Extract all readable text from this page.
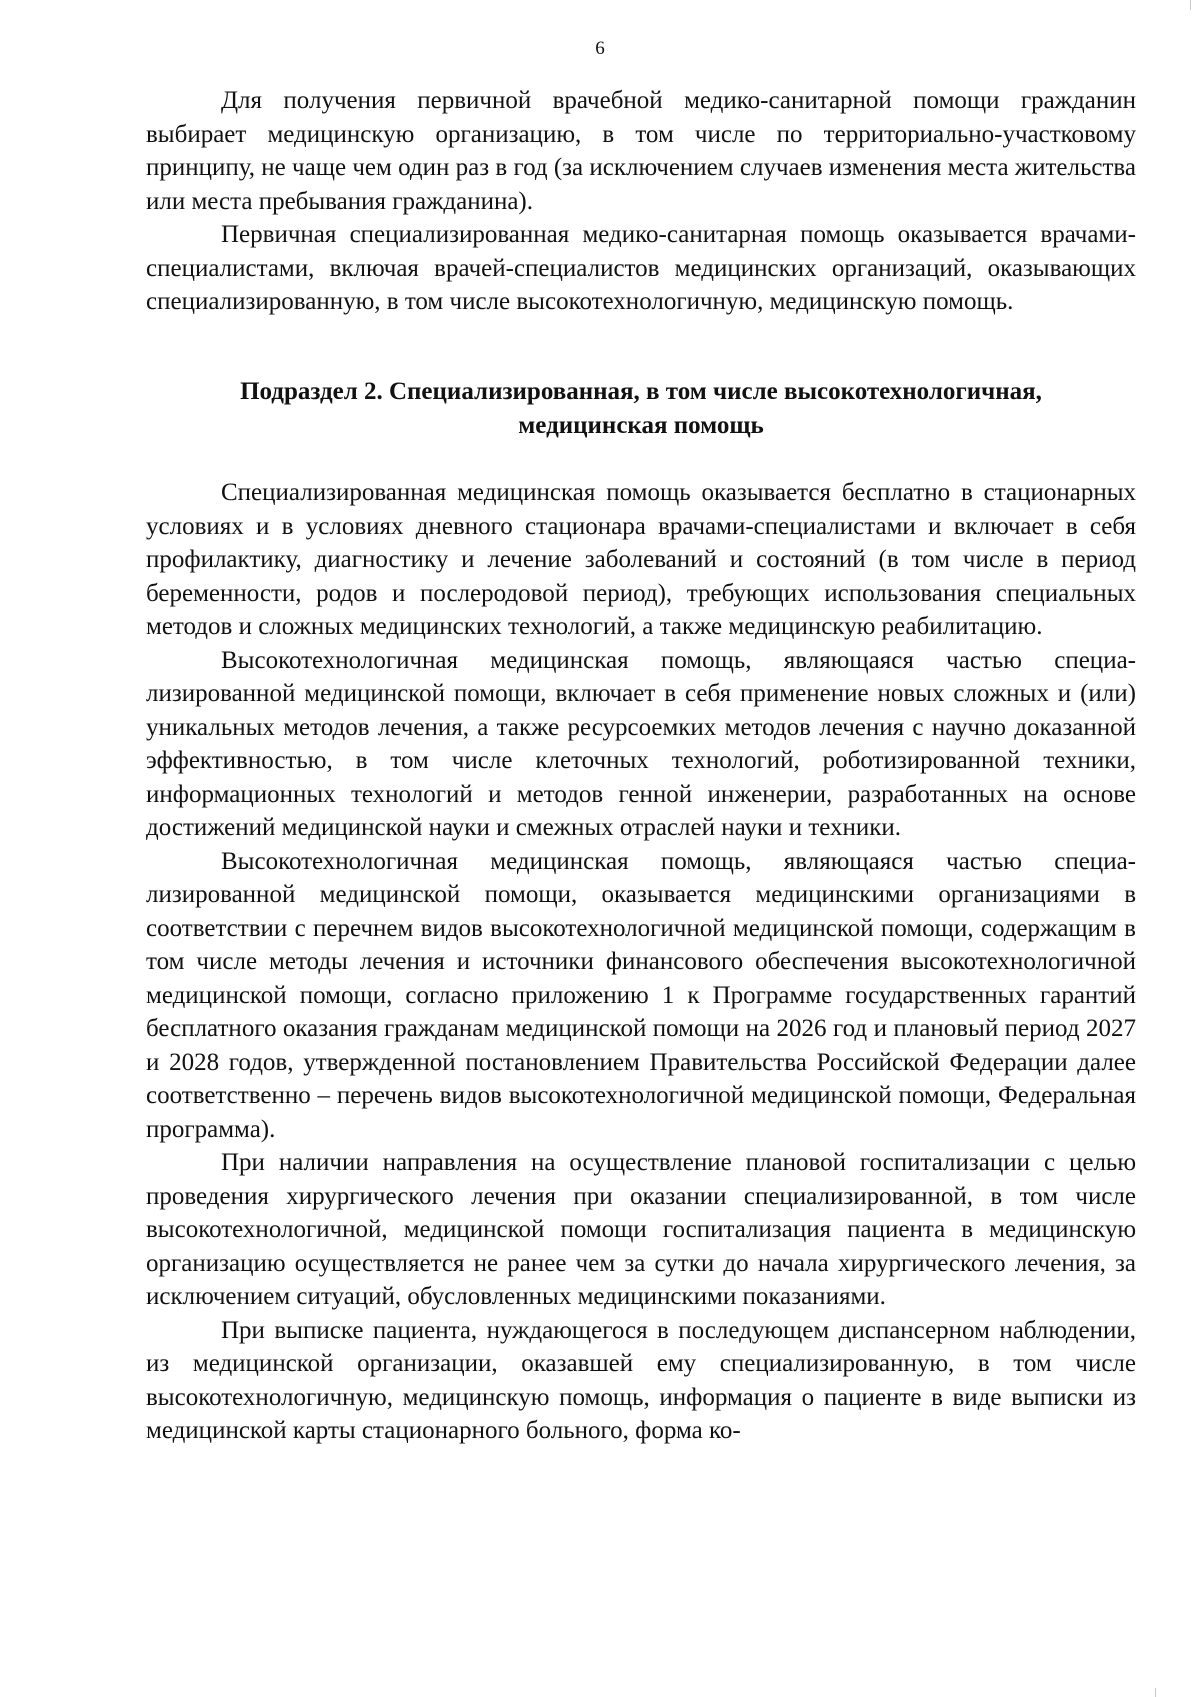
6

Для получения первичной врачебной медико-санитарной помощи гражданин выбирает медицинскую организацию, в том числе по территориально-участковому принципу, не чаще чем один раз в год (за исключением случаев изменения места жительства или места пребывания гражданина).

Первичная специализированная медико-санитарная помощь оказывается врачами-специалистами, включая врачей-специалистов медицинских организаций, оказывающих специализированную, в том числе высокотехнологичную, медицинскую помощь.

Подраздел 2. Специализированная, в том числе высокотехнологичная,
медицинская помощь

Специализированная медицинская помощь оказывается бесплатно в стационарных условиях и в условиях дневного стационара врачами-специалистами и включает в себя профилактику, диагностику и лечение заболеваний и состояний (в том числе в период беременности, родов и послеродовой период), требующих использования специальных методов и сложных медицинских технологий, а также медицинскую реабилитацию.

Высокотехнологичная медицинская помощь, являющаяся частью специализированной медицинской помощи, включает в себя применение новых сложных и (или) уникальных методов лечения, а также ресурсоемких методов лечения с научно доказанной эффективностью, в том числе клеточных технологий, роботизированной техники, информационных технологий и методов генной инженерии, разработанных на основе достижений медицинской науки и смежных отраслей науки и техники.

Высокотехнологичная медицинская помощь, являющаяся частью специализированной медицинской помощи, оказывается медицинскими организациями в соответствии с перечнем видов высокотехнологичной медицинской помощи, содержащим в том числе методы лечения и источники финансового обеспечения высокотехнологичной медицинской помощи, согласно приложению 1 к Программе государственных гарантий бесплатного оказания гражданам медицинской помощи на 2026 год и плановый период 2027 и 2028 годов, утвержденной постановлением Правительства Российской Федерации далее соответственно – перечень видов высокотехнологичной медицинской помощи, Федеральная программа).

При наличии направления на осуществление плановой госпитализации с целью проведения хирургического лечения при оказании специализированной, в том числе высокотехнологичной, медицинской помощи госпитализация пациента в медицинскую организацию осуществляется не ранее чем за сутки до начала хирургического лечения, за исключением ситуаций, обусловленных медицинскими показаниями.

При выписке пациента, нуждающегося в последующем диспансерном наблюдении, из медицинской организации, оказавшей ему специализированную, в том числе высокотехнологичную, медицинскую помощь, информация о пациенте в виде выписки из медицинской карты стационарного больного, форма ко-
